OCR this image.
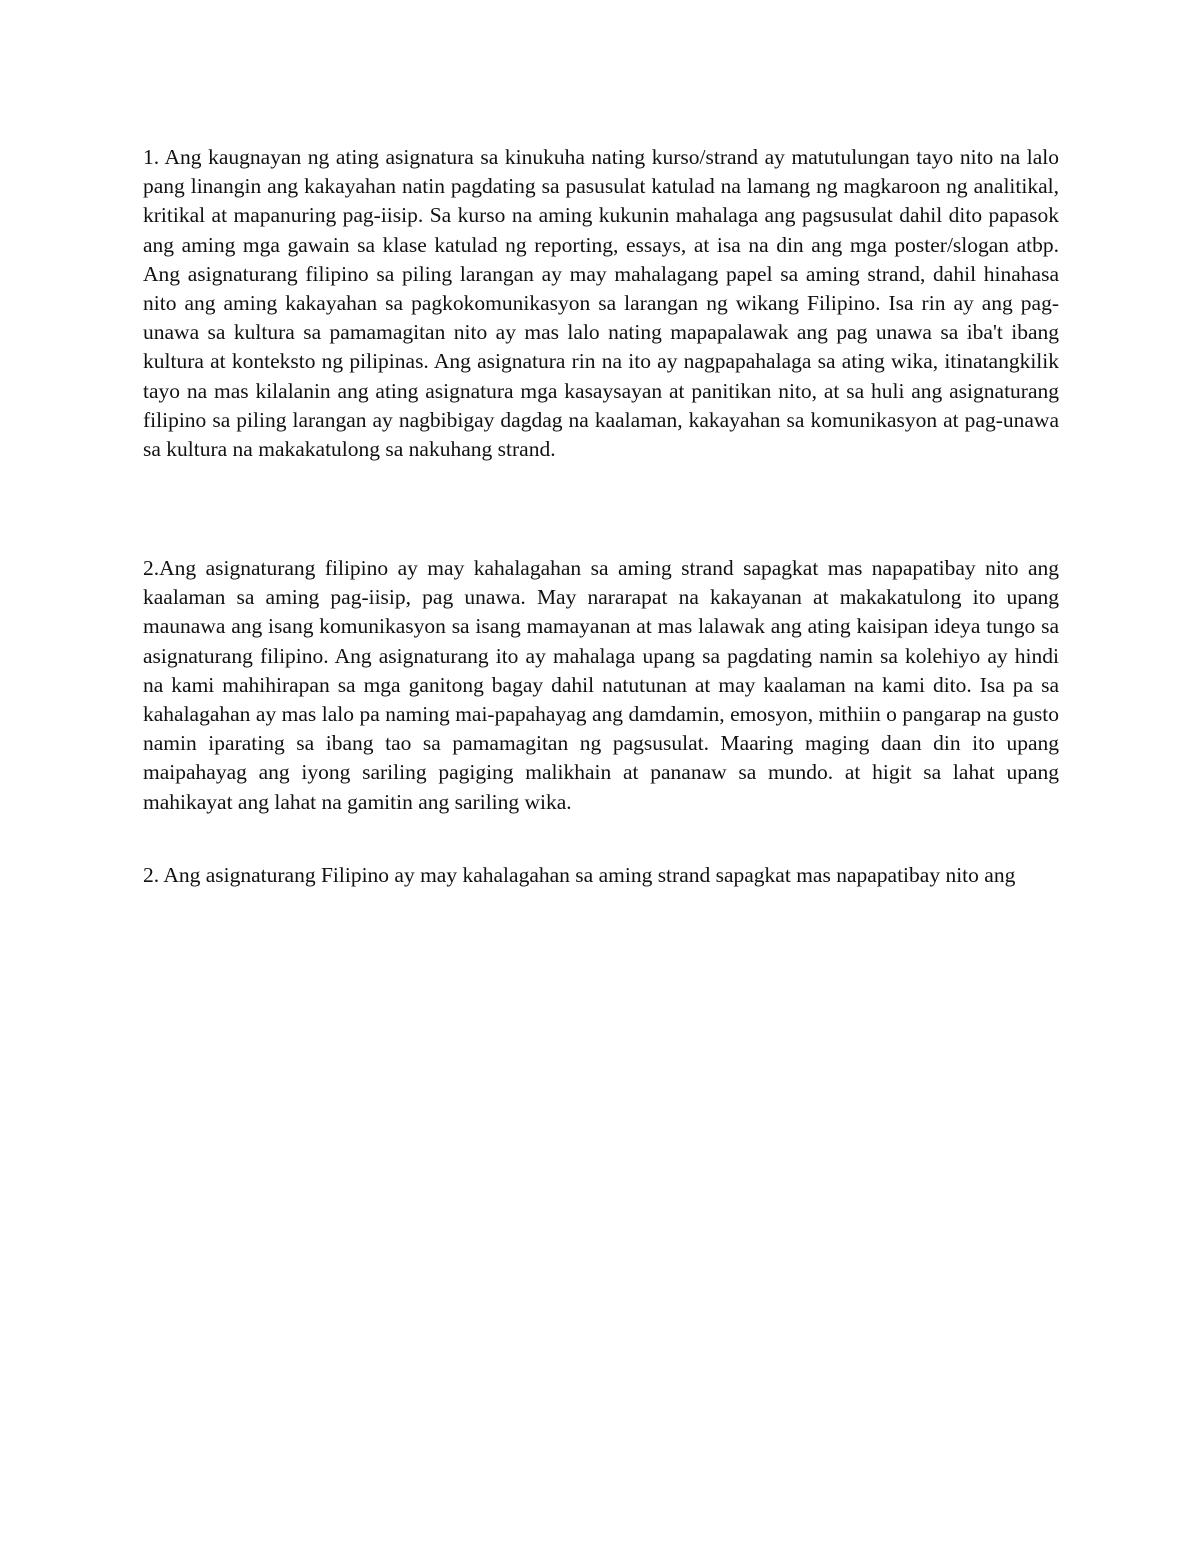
1. Ang kaugnayan ng ating asignatura sa kinukuha nating kurso/strand ay matutulungan tayo nito na lalo pang linangin ang kakayahan natin pagdating sa pasusulat katulad na lamang ng magkaroon ng analitikal, kritikal at mapanuring pag-iisip. Sa kurso na aming kukunin mahalaga ang pagsusulat dahil dito papasok ang aming mga gawain sa klase katulad ng reporting, essays, at isa na din ang mga poster/slogan atbp. Ang asignaturang filipino sa piling larangan ay may mahalagang papel sa aming strand, dahil hinahasa nito ang aming kakayahan sa pagkokomunikasyon sa larangan ng wikang Filipino. Isa rin ay ang pag-unawa sa kultura sa pamamagitan nito ay mas lalo nating mapapalawak ang pag unawa sa iba't ibang kultura at konteksto ng pilipinas. Ang asignatura rin na ito ay nagpapahalaga sa ating wika, itinatangkilik tayo na mas kilalanin ang ating asignatura mga kasaysayan at panitikan nito, at sa huli ang asignaturang filipino sa piling larangan ay nagbibigay dagdag na kaalaman, kakayahan sa komunikasyon at pag-unawa sa kultura na makakatulong sa nakuhang strand.

2.Ang asignaturang filipino ay may kahalagahan sa aming strand sapagkat mas napapatibay nito ang kaalaman sa aming pag-iisip, pag unawa. May nararapat na kakayanan at makakatulong ito upang maunawa ang isang komunikasyon sa isang mamayanan at mas lalawak ang ating kaisipan ideya tungo sa asignaturang filipino. Ang asignaturang ito ay mahalaga upang sa pagdating namin sa kolehiyo ay hindi na kami mahihirapan sa mga ganitong bagay dahil natutunan at may kaalaman na kami dito. Isa pa sa kahalagahan ay mas lalo pa naming mai-papahayag ang damdamin, emosyon, mithiin o pangarap na gusto namin iparating sa ibang tao sa pamamagitan ng pagsusulat. Maaring maging daan din ito upang maipahayag ang iyong sariling pagiging malikhain at pananaw sa mundo. at higit sa lahat upang mahikayat ang lahat na gamitin ang sariling wika.

2. Ang asignaturang Filipino ay may kahalagahan sa aming strand sapagkat mas napapatibay nito ang
